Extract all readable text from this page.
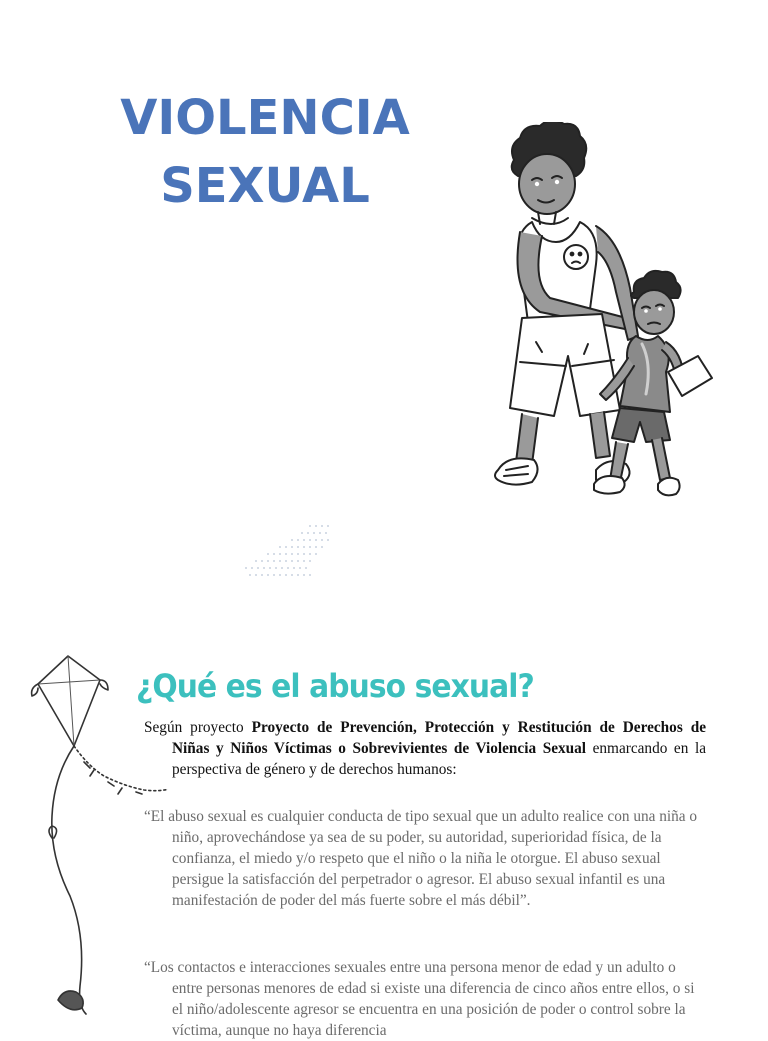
VIOLENCIA
SEXUAL
¿Qué es el abuso sexual?

Según proyecto Proyecto de Prevención, Protección y Restitución de Derechos de Niñas y Niños Víctimas o Sobrevivientes de Violencia Sexual enmarcando en la perspectiva de género y de derechos humanos:

“El abuso sexual es cualquier conducta de tipo sexual que un adulto realice con una niña o niño, aprovechándose ya sea de su poder, su autoridad, superioridad física, de la confianza, el miedo y/o respeto que el niño o la niña le otorgue. El abuso sexual persigue la satisfacción del perpetrador o agresor. El abuso sexual infantil es una manifestación de poder del más fuerte sobre el más débil”.

“Los contactos e interacciones sexuales entre una persona menor de edad y un adulto o entre personas menores de edad si existe una diferencia de cinco años entre ellos, o si el niño/adolescente agresor se encuentra en una posición de poder o control sobre la víctima, aunque no haya diferencia
